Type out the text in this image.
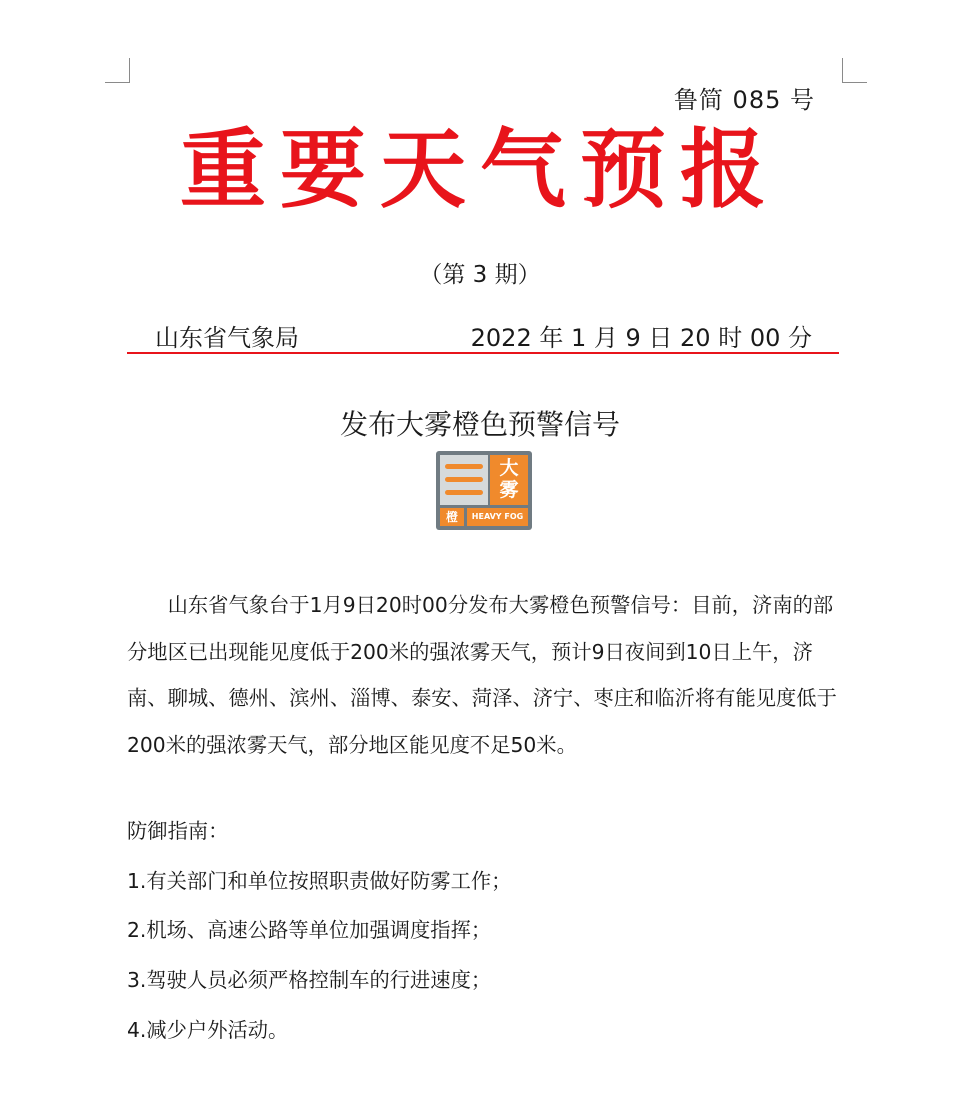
鲁简 085 号
重要天气预报
（第 3 期）
山东省气象局	2022 年 1 月 9 日 20 时 00 分
发布大雾橙色预警信号
大
雾
橙	HEAVY FOG

山东省气象台于1月9日20时00分发布大雾橙色预警信号：目前，济南的部分地区已出现能见度低于200米的强浓雾天气，预计9日夜间到10日上午，济南、聊城、德州、滨州、淄博、泰安、菏泽、济宁、枣庄和临沂将有能见度低于200米的强浓雾天气，部分地区能见度不足50米。

防御指南：
1.有关部门和单位按照职责做好防雾工作；
2.机场、高速公路等单位加强调度指挥；
3.驾驶人员必须严格控制车的行进速度；
4.减少户外活动。
